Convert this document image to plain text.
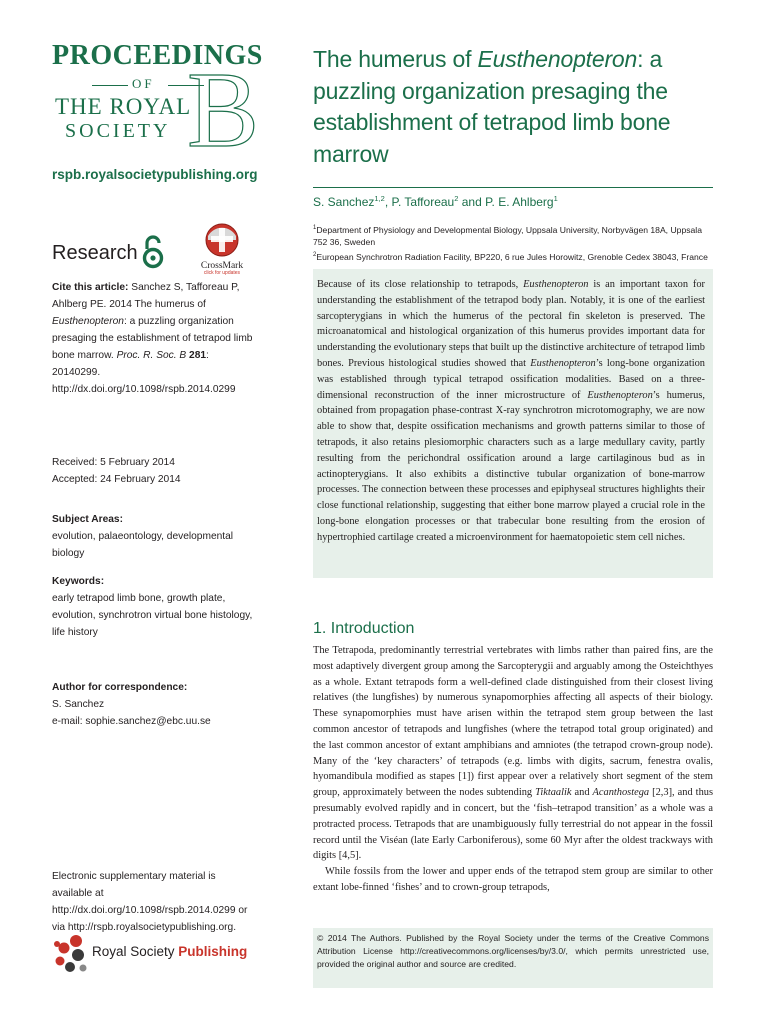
PROCEEDINGS
OF
THE ROYAL
SOCIETY B
rspb.royalsocietypublishing.org
Research
CrossMark
click for updates
Cite this article: Sanchez S, Tafforeau P, Ahlberg PE. 2014 The humerus of Eusthenopteron: a puzzling organization presaging the establishment of tetrapod limb bone marrow. Proc. R. Soc. B 281: 20140299.
http://dx.doi.org/10.1098/rspb.2014.0299
Received: 5 February 2014
Accepted: 24 February 2014
Subject Areas:
evolution, palaeontology, developmental biology
Keywords:
early tetrapod limb bone, growth plate, evolution, synchrotron virtual bone histology, life history
Author for correspondence:
S. Sanchez
e-mail: sophie.sanchez@ebc.uu.se
Electronic supplementary material is available at http://dx.doi.org/10.1098/rspb.2014.0299 or via http://rspb.royalsocietypublishing.org.
Royal Society Publishing
The humerus of Eusthenopteron: a puzzling organization presaging the establishment of tetrapod limb bone marrow
S. Sanchez$^{1,2}$, P. Tafforeau$^2$ and P. E. Ahlberg$^1$

$^1$Department of Physiology and Developmental Biology, Uppsala University, Norbyvägen 18A, Uppsala 752 36, Sweden

$^2$European Synchrotron Radiation Facility, BP220, 6 rue Jules Horowitz, Grenoble Cedex 38043, France

Because of its close relationship to tetrapods, Eusthenopteron is an important taxon for understanding the establishment of the tetrapod body plan. Notably, it is one of the earliest sarcopterygians in which the humerus of the pectoral fin skeleton is preserved. The microanatomical and histological organization of this humerus provides important data for understanding the evolutionary steps that built up the distinctive architecture of tetrapod limb bones. Previous histological studies showed that Eusthenopteron’s long-bone organization was established through typical tetrapod ossification modalities. Based on a three-dimensional reconstruction of the inner microstructure of Eusthenopteron’s humerus, obtained from propagation phase-contrast X-ray synchrotron microtomography, we are now able to show that, despite ossification mechanisms and growth patterns similar to those of tetrapods, it also retains plesiomorphic characters such as a large medullary cavity, partly resulting from the perichondral ossification around a large cartilaginous bud as in actinopterygians. It also exhibits a distinctive tubular organization of bone-marrow processes. The connection between these processes and epiphyseal structures highlights their close functional relationship, suggesting that either bone marrow played a crucial role in the long-bone elongation processes or that trabecular bone resulting from the erosion of hypertrophied cartilage created a microenvironment for haematopoietic stem cell niches.
1. Introduction

The Tetrapoda, predominantly terrestrial vertebrates with limbs rather than paired fins, are the most adaptively divergent group among the Sarcopterygii and arguably among the Osteichthyes as a whole. Extant tetrapods form a well-defined clade distinguished from their closest living relatives (the lungfishes) by numerous synapomorphies affecting all aspects of their biology. These synapomorphies must have arisen within the tetrapod stem group between the last common ancestor of tetrapods and lungfishes (where the tetrapod total group originated) and the last common ancestor of extant amphibians and amniotes (the tetrapod crown-group node). Many of the ‘key characters’ of tetrapods (e.g. limbs with digits, sacrum, fenestra ovalis, hyomandibula modified as stapes [1]) first appear over a relatively short segment of the stem group, approximately between the nodes subtending Tiktaalik and Acanthostega [2,3], and thus presumably evolved rapidly and in concert, but the ‘fish–tetrapod transition’ as a whole was a protracted process. Tetrapods that are unambiguously fully terrestrial do not appear in the fossil record until the Viséan (late Early Carboniferous), some 60 Myr after the oldest trackways with digits [4,5].

While fossils from the lower and upper ends of the tetrapod stem group are similar to other extant lobe-finned ‘fishes’ and to crown-group tetrapods,

© 2014 The Authors. Published by the Royal Society under the terms of the Creative Commons Attribution License http://creativecommons.org/licenses/by/3.0/, which permits unrestricted use, provided the original author and source are credited.
